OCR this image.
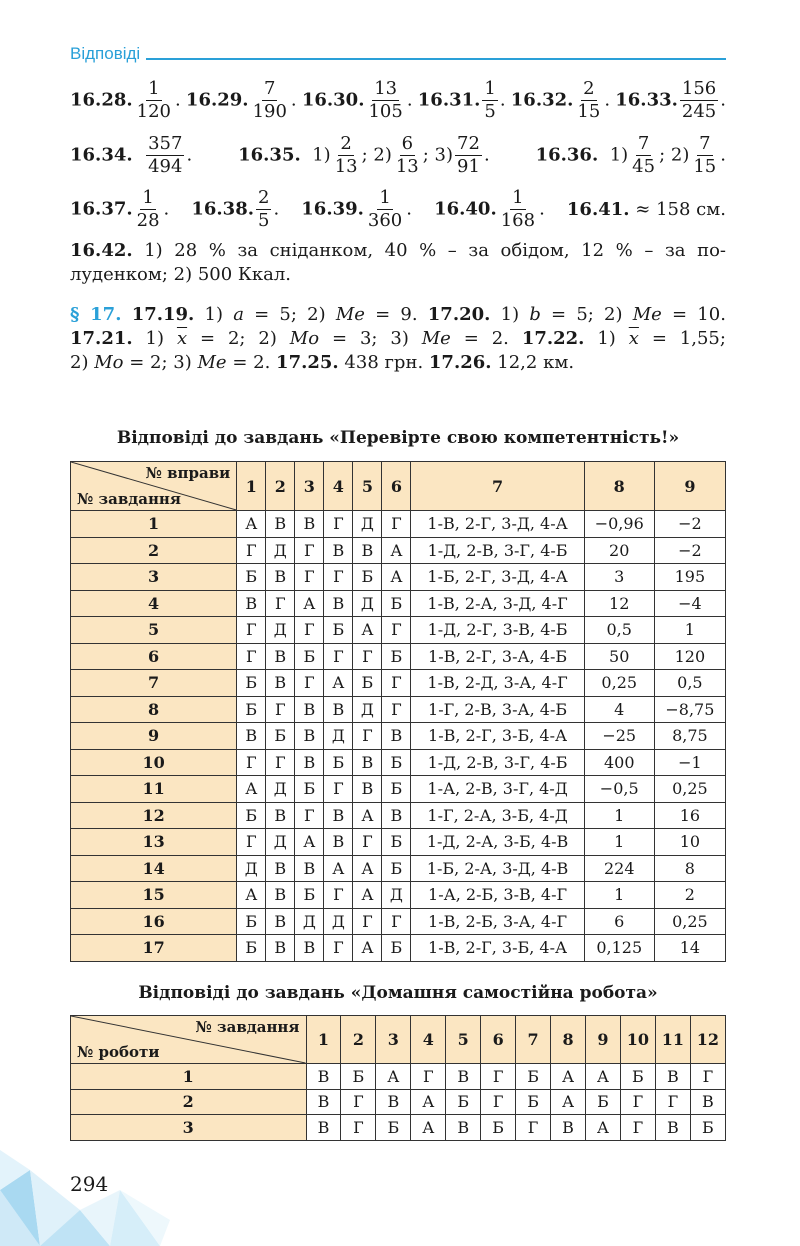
Відповіді
16.28. $\frac{1}{120}$ . 16.29. $\frac{7}{190}$ . 16.30. $\frac{13}{105}$ . 16.31. $\frac{1}{5}$ . 16.32. $\frac{2}{15}$ . 16.33. $\frac{156}{245}$ .
16.34. $\frac{357}{494}$ .	16.35. $1) \frac{2}{13}$ ; $2) \frac{6}{13}$ ; $3) \frac{72}{91}$ .	16.36. $1) \frac{7}{45}$ ; $2) \frac{7}{15}$ .
16.37. $\frac{1}{28}$ . 16.38. $\frac{2}{5}$ . 16.39. $\frac{1}{360}$ . 16.40. $\frac{1}{168}$ . 16.41. ≈ 158 см.
16.42. 1) 28 % за сніданком, 40 % – за обідом, 12 % – за по-
луденком; 2) 500 Ккал.
§ 17. 17.19. 1) a = 5; 2) Me = 9. 17.20. 1) b = 5; 2) Me = 10.
17.21. 1) $\overline{x} = 2$; 2) Mo = 3; 3) Me = 2. 17.22. 1) $\overline{x} = 1,55$;
2) Mo = 2; 3) Me = 2. 17.25. 438 грн. 17.26. 12,2 км.
Відповіді до завдань «Перевірте свою компетентність!»
№ вправи
№ завдання	1	2	3	4	5	6	7	8	9
1	А	В	В	Г	Д	Г	1-В, 2-Г, 3-Д, 4-А	−0,96	−2
2	Г	Д	Г	В	В	А	1-Д, 2-В, 3-Г, 4-Б	20	−2
3	Б	В	Г	Г	Б	А	1-Б, 2-Г, 3-Д, 4-А	3	195
4	В	Г	А	В	Д	Б	1-В, 2-А, 3-Д, 4-Г	12	−4
5	Г	Д	Г	Б	А	Г	1-Д, 2-Г, 3-В, 4-Б	0,5	1
6	Г	В	Б	Г	Г	Б	1-В, 2-Г, 3-А, 4-Б	50	120
7	Б	В	Г	А	Б	Г	1-В, 2-Д, 3-А, 4-Г	0,25	0,5
8	Б	Г	В	В	Д	Г	1-Г, 2-В, 3-А, 4-Б	4	−8,75
9	В	Б	В	Д	Г	В	1-В, 2-Г, 3-Б, 4-А	−25	8,75
10	Г	Г	В	Б	В	Б	1-Д, 2-В, 3-Г, 4-Б	400	−1
11	А	Д	Б	Г	В	Б	1-А, 2-В, 3-Г, 4-Д	−0,5	0,25
12	Б	В	Г	В	А	В	1-Г, 2-А, 3-Б, 4-Д	1	16
13	Г	Д	А	В	Г	Б	1-Д, 2-А, 3-Б, 4-В	1	10
14	Д	В	В	А	А	Б	1-Б, 2-А, 3-Д, 4-В	224	8
15	А	В	Б	Г	А	Д	1-А, 2-Б, 3-В, 4-Г	1	2
16	Б	В	Д	Д	Г	Г	1-В, 2-Б, 3-А, 4-Г	6	0,25
17	Б	В	В	Г	А	Б	1-В, 2-Г, 3-Б, 4-А	0,125	14
Відповіді до завдань «Домашня самостійна робота»
№ завдання
№ роботи	1	2	3	4	5	6	7	8	9	10	11	12
1	В	Б	А	Г	В	Г	Б	А	А	Б	В	Г
2	В	Г	В	А	Б	Г	Б	А	Б	Г	Г	В
3	В	Г	Б	А	В	Б	Г	В	А	Г	В	Б
294
